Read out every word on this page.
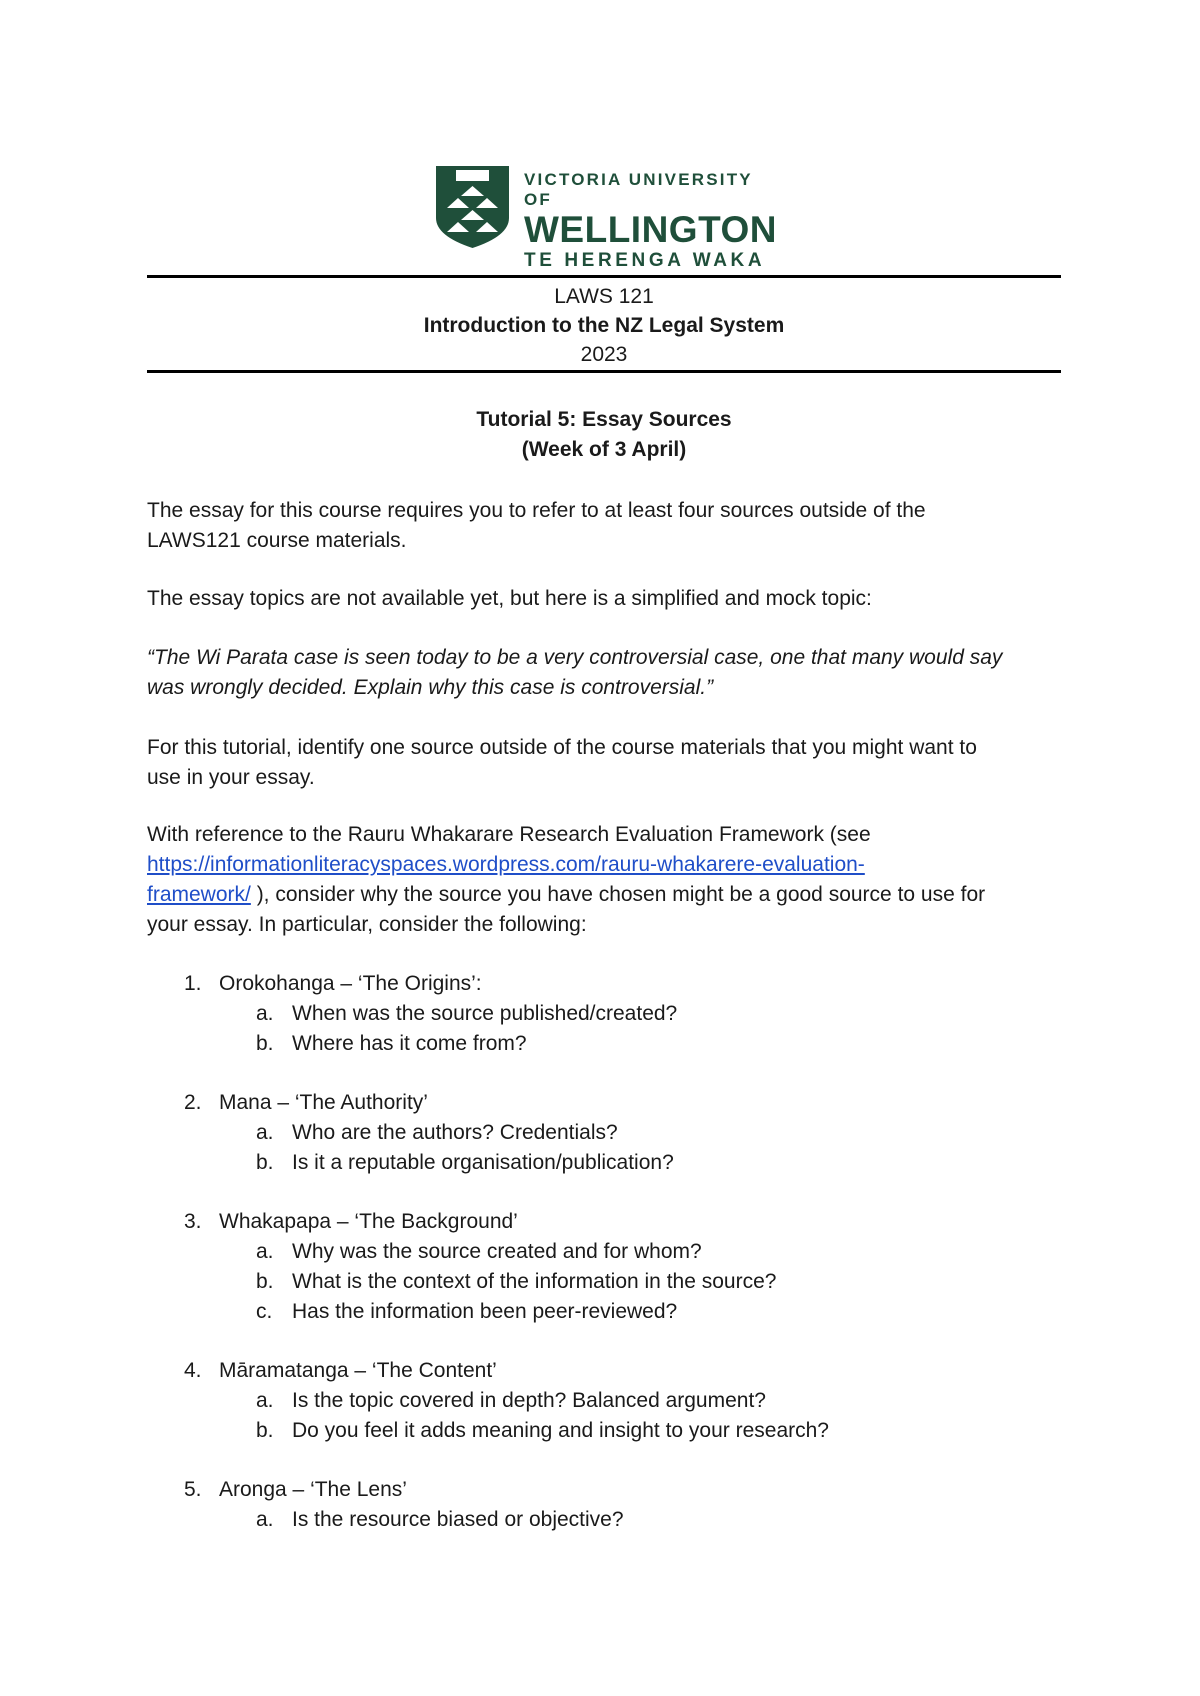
VICTORIA UNIVERSITY OF
WELLINGTON
TE HERENGA WAKA
LAWS 121
Introduction to the NZ Legal System
2023
Tutorial 5: Essay Sources
(Week of 3 April)
The essay for this course requires you to refer to at least four sources outside of the
LAWS121 course materials.
The essay topics are not available yet, but here is a simplified and mock topic:
“The Wi Parata case is seen today to be a very controversial case, one that many would say
was wrongly decided. Explain why this case is controversial.”
For this tutorial, identify one source outside of the course materials that you might want to
use in your essay.
With reference to the Rauru Whakarare Research Evaluation Framework (see
https://informationliteracyspaces.wordpress.com/rauru-whakarere-evaluation-
framework/ ), consider why the source you have chosen might be a good source to use for
your essay. In particular, consider the following:
1. Orokohanga – ‘The Origins’:
a. When was the source published/created?
b. Where has it come from?
2. Mana – ‘The Authority’
a. Who are the authors? Credentials?
b. Is it a reputable organisation/publication?
3. Whakapapa – ‘The Background’
a. Why was the source created and for whom?
b. What is the context of the information in the source?
c. Has the information been peer-reviewed?
4. Māramatanga – ‘The Content’
a. Is the topic covered in depth? Balanced argument?
b. Do you feel it adds meaning and insight to your research?
5. Aronga – ‘The Lens’
a. Is the resource biased or objective?
